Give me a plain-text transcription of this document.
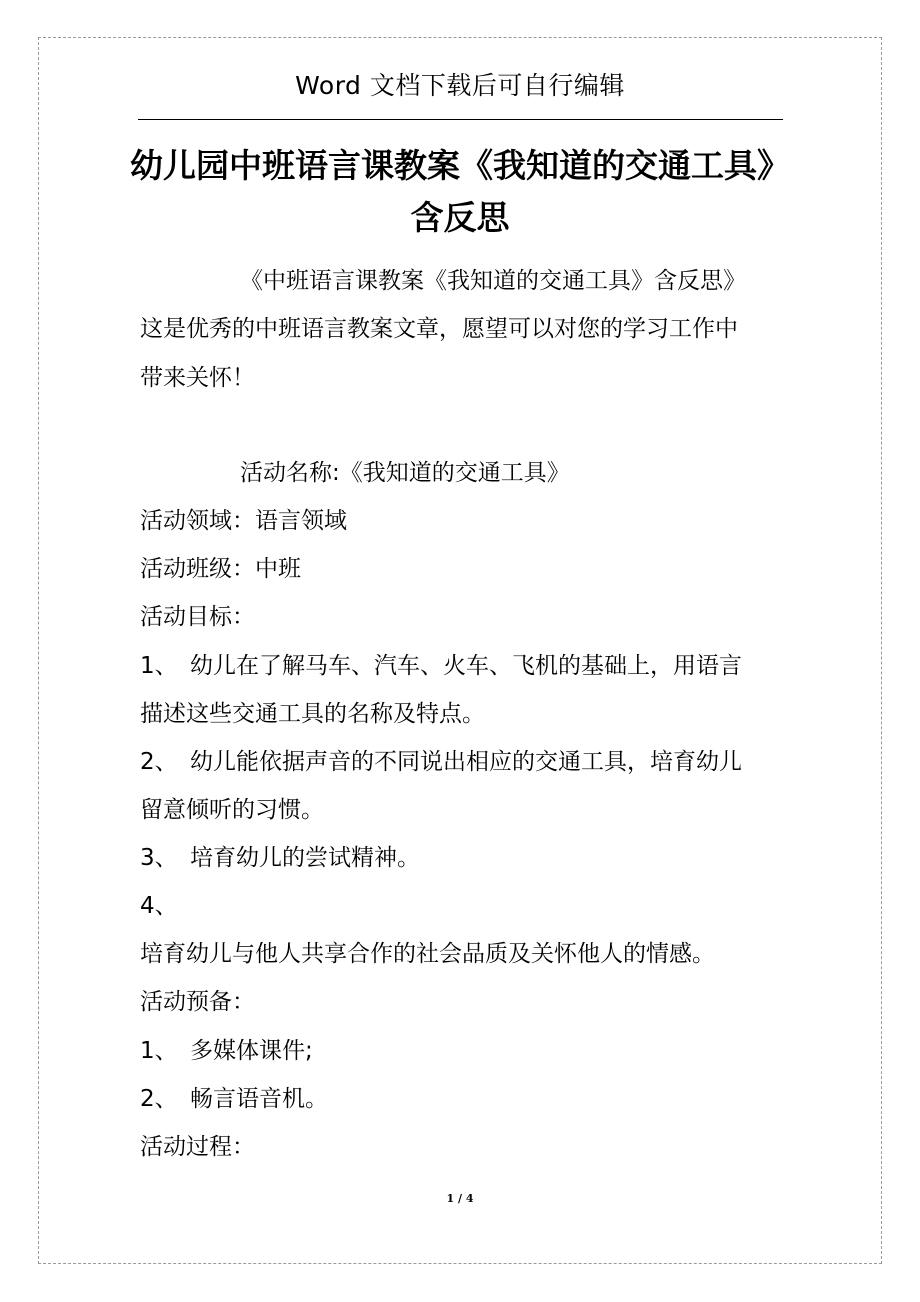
Word 文档下载后可自行编辑
幼儿园中班语言课教案《我知道的交通工具》
含反思
《中班语言课教案《我知道的交通工具》含反思》
这是优秀的中班语言教案文章，愿望可以对您的学习工作中
带来关怀！
活动名称:《我知道的交通工具》
活动领域：语言领域
活动班级：中班
活动目标：
1、 幼儿在了解马车、汽车、火车、飞机的基础上，用语言
描述这些交通工具的名称及特点。
2、 幼儿能依据声音的不同说出相应的交通工具，培育幼儿
留意倾听的习惯。
3、 培育幼儿的尝试精神。
4、
培育幼儿与他人共享合作的社会品质及关怀他人的情感。
活动预备：
1、 多媒体课件;
2、 畅言语音机。
活动过程：
1 / 4
